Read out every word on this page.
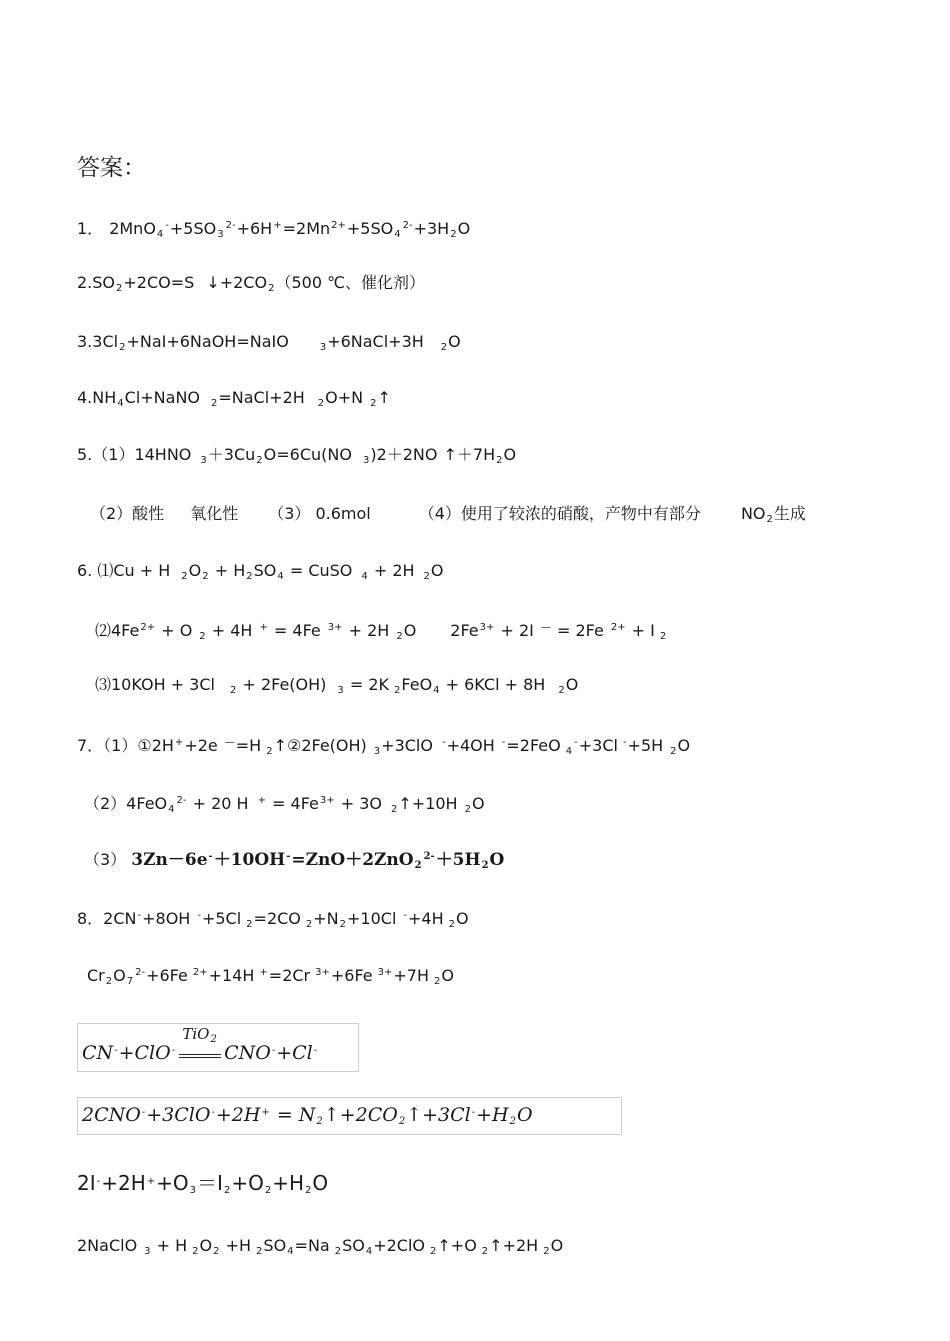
答案：
1． $2MnO_4^-+5SO_3^{2-}+6H^+=2Mn^{2+}+5SO_4^{2-}+3H_2O$
$2.SO_2+2CO=S$ $↓+2CO_2(500$ ℃、催化剂）
$3.3Cl_2+NaI+6NaOH=NaIO$	$_3$+6NaCl+3H $_2$O
$4.NH_4Cl+NaNO$ $_2$=NaCl+2H $_2$O+N $_2$↑
5.（1）14HNO $_3+3Cu_2O=6Cu(NO$ $_3$)2＋2NO $↑+7H_2O$
（2）酸性 氧化性 （3） 0.6mol	（4）使用了较浓的硝酸，产物中有部分	$NO_2$生成
6. ⑴Cu + H $_2O_2 + H_2SO_4$ = CuSO $_4$ + 2H $_2$O
$⑵4Fe^{2+} + O$ $_2$ + 4H + = 4Fe $^{3+}$ + 2H $_2$O $2Fe^{3+} + 2I$ — = 2Fe $^{2+}$ + I $_2$
⑶10KOH + 3Cl $_2$ + 2Fe(OH) $_3$ = 2K $_2$FeO$_4$ + 6KCl + 8H $_2$O
7．（1）①2H++2e —=H $_2$↑②2Fe(OH) $_3$+3ClO -+4OH -=2FeO $_4$-+3Cl -+5H $_2$O
（2）4FeO$_4^{2-}$ + 20 H $^+ = 4Fe^{3+} + 3O$ $_2$↑+10H $_2$O
（3） $3Zn-6e^-+10OH^-=ZnO+2ZnO_2^{2-}+5H_2O$
8．2CN-+8OH -+5Cl $_2$=2CO $_2+N_2+10Cl$ -+4H $_2$O
$Cr_2O_7^{2-}+6Fe$ $^{2+}$+14H +=2Cr $^{3+}$+6Fe $^{3+}$+7H $_2$O
CN-+ClO-
TiO$_2$
CNO-+Cl-
$2CNO^-+3ClO^-+2H^+ = N_2↑+2CO_2↑+3Cl^-+H_2O$
$2I^-+2H^++O_3=I_2+O_2+H_2O$
2NaClO $_3$ + H $_2O_2 +H$ $_2SO_4=Na$ $_2SO_4+2ClO$ $_2$↑+O $_2$↑+2H $_2$O
